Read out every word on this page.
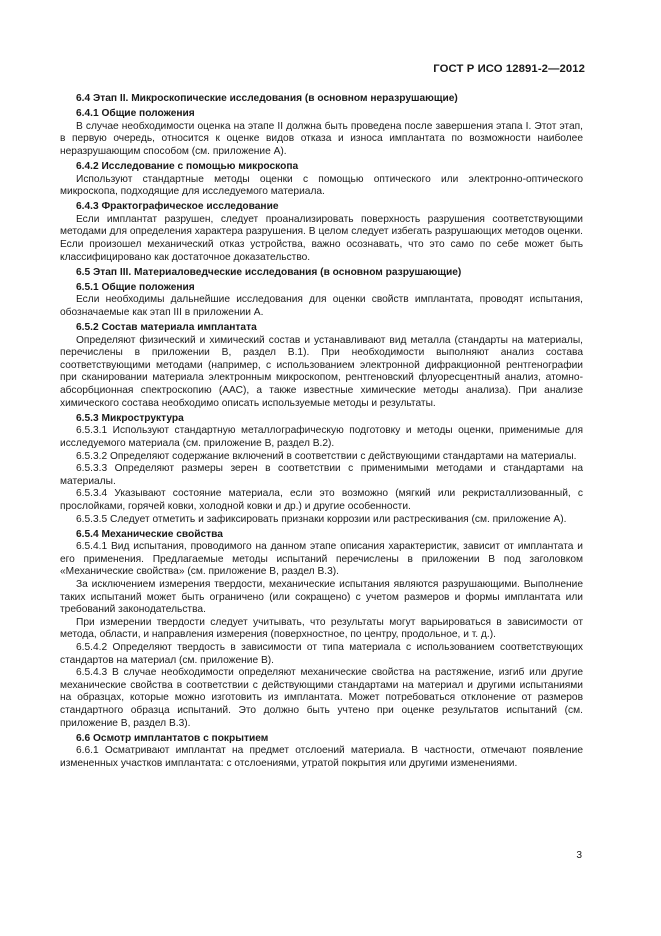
ГОСТ Р ИСО 12891-2—2012
6.4 Этап II. Микроскопические исследования (в основном неразрушающие)
6.4.1 Общие положения
В случае необходимости оценка на этапе II должна быть проведена после завершения этапа I. Этот этап, в первую очередь, относится к оценке видов отказа и износа имплантата по возможности наиболее неразрушающим способом (см. приложение А).
6.4.2 Исследование с помощью микроскопа
Используют стандартные методы оценки с помощью оптического или электронно-оптического микроскопа, подходящие для исследуемого материала.
6.4.3 Фрактографическое исследование
Если имплантат разрушен, следует проанализировать поверхность разрушения соответствующими методами для определения характера разрушения. В целом следует избегать разрушающих методов оценки. Если произошел механический отказ устройства, важно осознавать, что это само по себе может быть классифицировано как достаточное доказательство.
6.5 Этап III. Материаловедческие исследования (в основном разрушающие)
6.5.1 Общие положения
Если необходимы дальнейшие исследования для оценки свойств имплантата, проводят испытания, обозначаемые как этап III в приложении А.
6.5.2 Состав материала имплантата
Определяют физический и химический состав и устанавливают вид металла (стандарты на материалы, перечислены в приложении В, раздел В.1). При необходимости выполняют анализ состава соответствующими методами (например, с использованием электронной дифракционной рентгенографии при сканировании материала электронным микроскопом, рентгеновский флуоресцентный анализ, атомно-абсорбционная спектроскопию (ААС), а также известные химические методы анализа). При анализе химического состава необходимо описать используемые методы и результаты.
6.5.3 Микроструктура
6.5.3.1 Используют стандартную металлографическую подготовку и методы оценки, применимые для исследуемого материала (см. приложение В, раздел В.2).
6.5.3.2 Определяют содержание включений в соответствии с действующими стандартами на материалы.
6.5.3.3 Определяют размеры зерен в соответствии с применимыми методами и стандартами на материалы.
6.5.3.4 Указывают состояние материала, если это возможно (мягкий или рекристаллизованный, с прослойками, горячей ковки, холодной ковки и др.) и другие особенности.
6.5.3.5 Следует отметить и зафиксировать признаки коррозии или растрескивания (см. приложение А).
6.5.4 Механические свойства
6.5.4.1 Вид испытания, проводимого на данном этапе описания характеристик, зависит от имплантата и его применения. Предлагаемые методы испытаний перечислены в приложении В под заголовком «Механические свойства» (см. приложение В, раздел В.3).
За исключением измерения твердости, механические испытания являются разрушающими. Выполнение таких испытаний может быть ограничено (или сокращено) с учетом размеров и формы имплантата или требований законодательства.
При измерении твердости следует учитывать, что результаты могут варьироваться в зависимости от метода, области, и направления измерения (поверхностное, по центру, продольное, и т. д.).
6.5.4.2 Определяют твердость в зависимости от типа материала с использованием соответствующих стандартов на материал (см. приложение В).
6.5.4.3 В случае необходимости определяют механические свойства на растяжение, изгиб или другие механические свойства в соответствии с действующими стандартами на материал и другими испытаниями на образцах, которые можно изготовить из имплантата. Может потребоваться отклонение от размеров стандартного образца испытаний. Это должно быть учтено при оценке результатов испытаний (см. приложение В, раздел В.3).
6.6 Осмотр имплантатов с покрытием
6.6.1 Осматривают имплантат на предмет отслоений материала. В частности, отмечают появление измененных участков имплантата: с отслоениями, утратой покрытия или другими изменениями.
3
